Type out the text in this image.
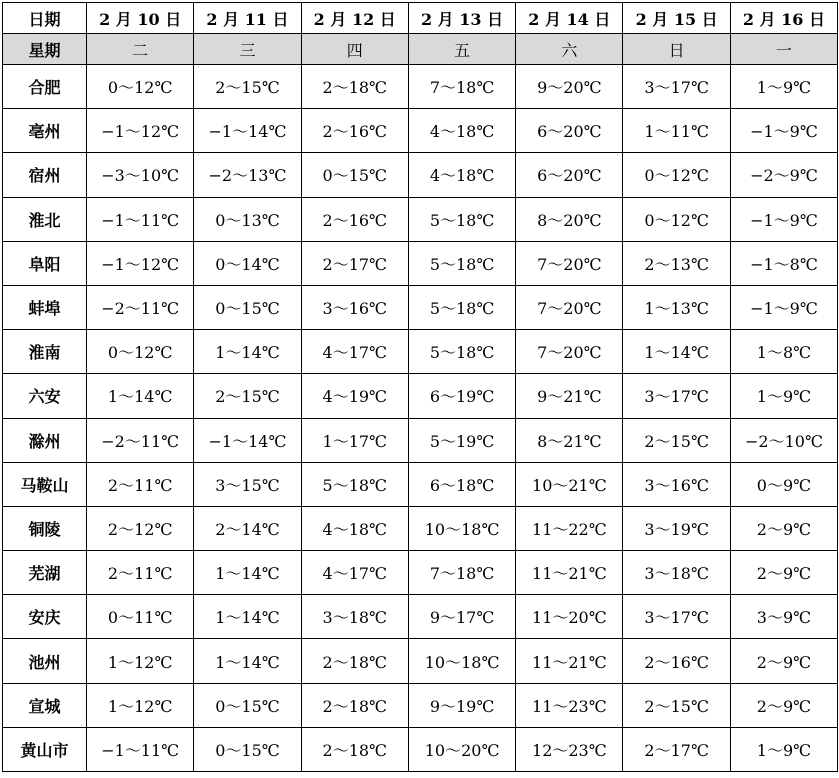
日期	2 月 10 日	2 月 11 日	2 月 12 日	2 月 13 日	2 月 14 日	2 月 15 日	2 月 16 日
星期	二	三	四	五	六	日	一
合肥	0～12℃	2～15℃	2～18℃	7～18℃	9～20℃	3～17℃	1～9℃
亳州	−1～12℃	−1～14℃	2～16℃	4～18℃	6～20℃	1～11℃	−1～9℃
宿州	−3～10℃	−2～13℃	0～15℃	4～18℃	6～20℃	0～12℃	−2～9℃
淮北	−1～11℃	0～13℃	2～16℃	5～18℃	8～20℃	0～12℃	−1～9℃
阜阳	−1～12℃	0～14℃	2～17℃	5～18℃	7～20℃	2～13℃	−1～8℃
蚌埠	−2～11℃	0～15℃	3～16℃	5～18℃	7～20℃	1～13℃	−1～9℃
淮南	0～12℃	1～14℃	4～17℃	5～18℃	7～20℃	1～14℃	1～8℃
六安	1～14℃	2～15℃	4～19℃	6～19℃	9～21℃	3～17℃	1～9℃
滁州	−2～11℃	−1～14℃	1～17℃	5～19℃	8～21℃	2～15℃	−2～10℃
马鞍山	2～11℃	3～15℃	5～18℃	6～18℃	10～21℃	3～16℃	0～9℃
铜陵	2～12℃	2～14℃	4～18℃	10～18℃	11～22℃	3～19℃	2～9℃
芜湖	2～11℃	1～14℃	4～17℃	7～18℃	11～21℃	3～18℃	2～9℃
安庆	0～11℃	1～14℃	3～18℃	9～17℃	11～20℃	3～17℃	3～9℃
池州	1～12℃	1～14℃	2～18℃	10～18℃	11～21℃	2～16℃	2～9℃
宣城	1～12℃	0～15℃	2～18℃	9～19℃	11～23℃	2～15℃	2～9℃
黄山市	−1～11℃	0～15℃	2～18℃	10～20℃	12～23℃	2～17℃	1～9℃
